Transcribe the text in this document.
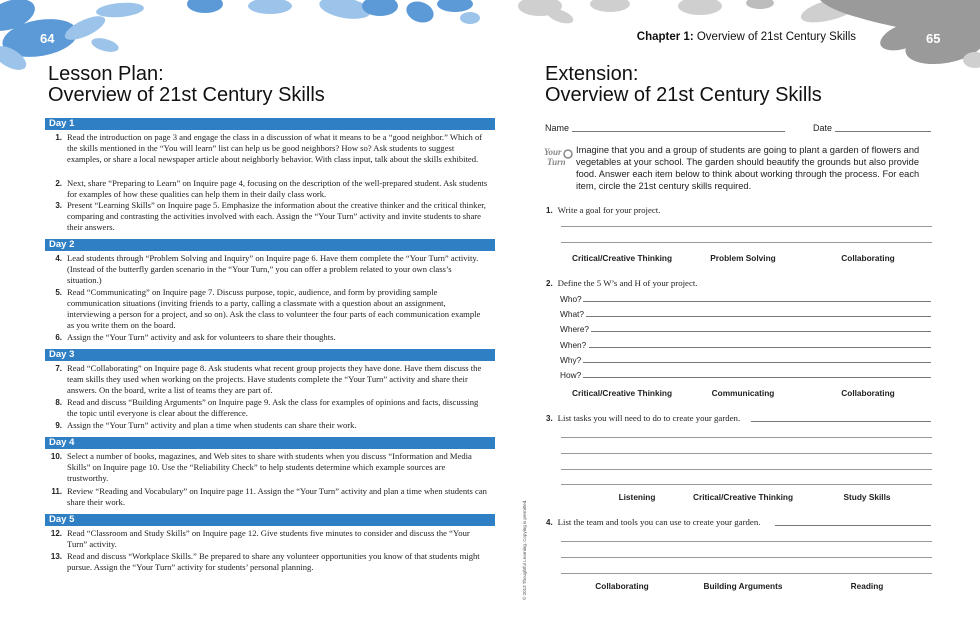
64	65
Chapter 1: Overview of 21st Century Skills
Lesson Plan:
Overview of 21st Century Skills
Day 1
1. Read the introduction on page 3 and engage the class in a discussion of what it means to be a “good neighbor.” Which of the skills mentioned in the “You will learn” list can help us be good neighbors? How so? Ask students to suggest examples, or share a local newspaper article about neighborly behavior. With class input, talk about the skills exhibited.
2. Next, share “Preparing to Learn” on Inquire page 4, focusing on the description of the well-prepared student. Ask students for examples of how these qualities can help them in their daily class work.
3. Present “Learning Skills” on Inquire page 5. Emphasize the information about the creative thinker and the critical thinker, comparing and contrasting the activities involved with each. Assign the “Your Turn” activity and invite students to share their answers.
Day 2
4. Lead students through “Problem Solving and Inquiry” on Inquire page 6. Have them complete the “Your Turn” activity. (Instead of the butterfly garden scenario in the “Your Turn,” you can offer a problem related to your own class’s situation.)
5. Read “Communicating” on Inquire page 7. Discuss purpose, topic, audience, and form by providing sample communication situations (inviting friends to a party, calling a classmate with a question about an assignment, interviewing a person for a project, and so on). Ask the class to volunteer the four parts of each communication example as you write them on the board.
6. Assign the “Your Turn” activity and ask for volunteers to share their thoughts.
Day 3
7. Read “Collaborating” on Inquire page 8. Ask students what recent group projects they have done. Have them discuss the team skills they used when working on the projects. Have students complete the “Your Turn” activity and share their answers. On the board, write a list of teams they are part of.
8. Read and discuss “Building Arguments” on Inquire page 9. Ask the class for examples of opinions and facts, discussing the topic until everyone is clear about the difference.
9. Assign the “Your Turn” activity and plan a time when students can share their work.
Day 4
10. Select a number of books, magazines, and Web sites to share with students when you discuss “Information and Media Skills” on Inquire page 10. Use the “Reliability Check” to help students determine which example sources are trustworthy.
11. Review “Reading and Vocabulary” on Inquire page 11. Assign the “Your Turn” activity and plan a time when students can share their work.
Day 5
12. Read “Classroom and Study Skills” on Inquire page 12. Give students five minutes to consider and discuss the “Your Turn” activity.
13. Read and discuss “Workplace Skills.” Be prepared to share any volunteer opportunities you know of that students might pursue. Assign the “Your Turn” activity for students’ personal planning.	© 2013 Thoughtful Learning. Copying is permitted.
Extension:
Overview of 21st Century Skills
Name	Date
Your
Turn
Imagine that you and a group of students are going to plant a garden of flowers and vegetables at your school. The garden should beautify the grounds but also provide food. Answer each item below to think about working through the process. For each item, circle the 21st century skills required.
1. Write a goal for your project.
Critical/Creative Thinking	Problem Solving	Collaborating
2. Define the 5 W’s and H of your project.
Who?
What?
Where?
When?
Why?
How?
Critical/Creative Thinking	Communicating	Collaborating
3. List tasks you will need to do to create your garden.
Listening	Critical/Creative Thinking	Study Skills
4. List the team and tools you can use to create your garden.
Collaborating	Building Arguments	Reading
